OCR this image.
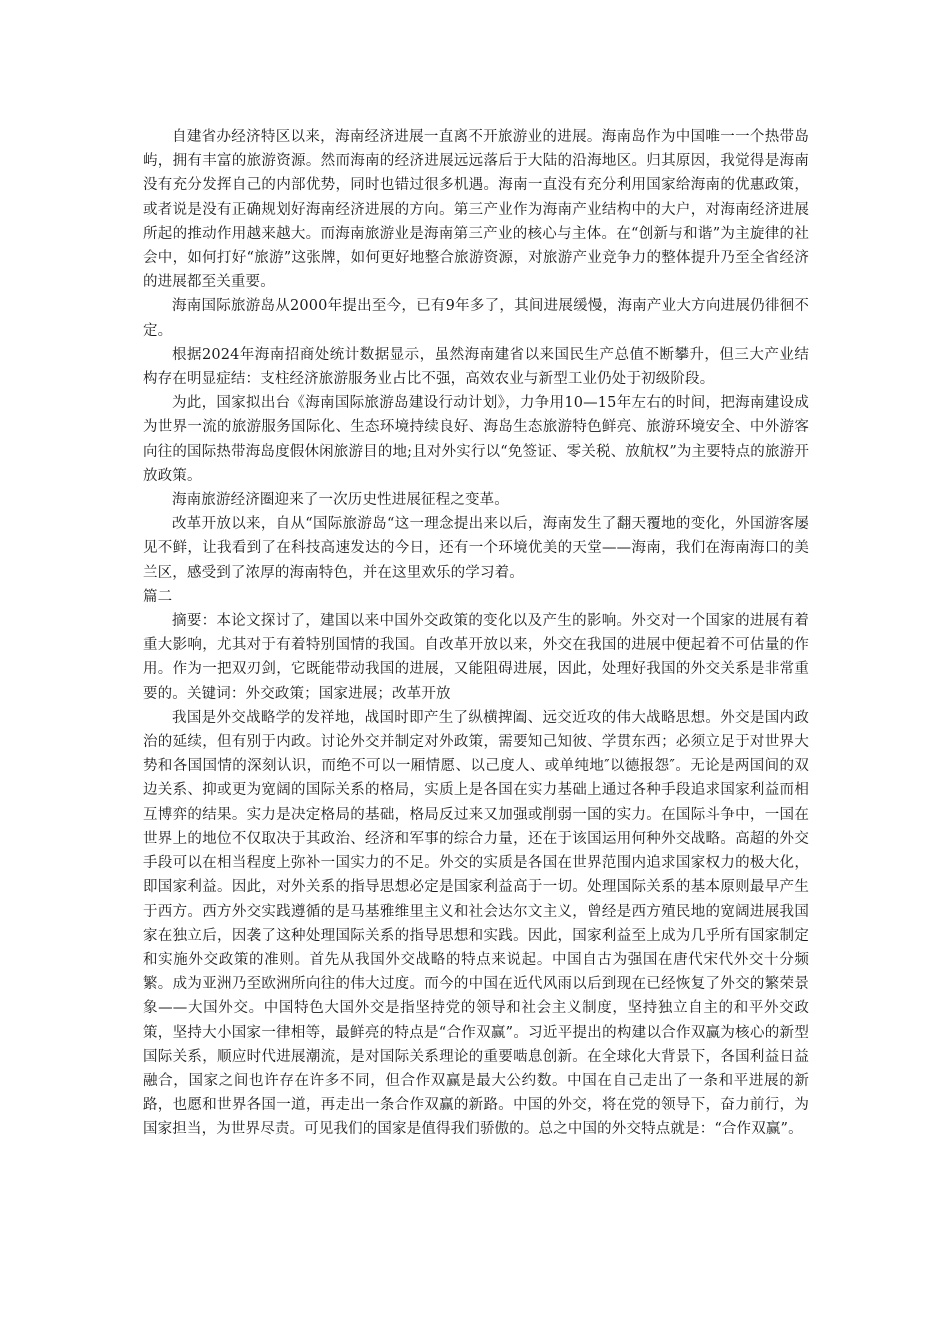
自建省办经济特区以来，海南经济进展一直离不开旅游业的进展。海南岛作为中国唯一一个热带岛屿，拥有丰富的旅游资源。然而海南的经济进展远远落后于大陆的沿海地区。归其原因，我觉得是海南没有充分发挥自己的内部优势，同时也错过很多机遇。海南一直没有充分利用国家给海南的优惠政策，或者说是没有正确规划好海南经济进展的方向。第三产业作为海南产业结构中的大户，对海南经济进展所起的推动作用越来越大。而海南旅游业是海南第三产业的核心与主体。在“创新与和谐”为主旋律的社会中，如何打好“旅游”这张牌，如何更好地整合旅游资源，对旅游产业竞争力的整体提升乃至全省经济的进展都至关重要。

海南国际旅游岛从2000年提出至今，已有9年多了，其间进展缓慢，海南产业大方向进展仍徘徊不定。

根据2024年海南招商处统计数据显示，虽然海南建省以来国民生产总值不断攀升，但三大产业结构存在明显症结：支柱经济旅游服务业占比不强，高效农业与新型工业仍处于初级阶段。

为此，国家拟出台《海南国际旅游岛建设行动计划》，力争用10—15年左右的时间，把海南建设成为世界一流的旅游服务国际化、生态环境持续良好、海岛生态旅游特色鲜亮、旅游环境安全、中外游客向往的国际热带海岛度假休闲旅游目的地;且对外实行以“免签证、零关税、放航权”为主要特点的旅游开放政策。

海南旅游经济圈迎来了一次历史性进展征程之变革。

改革开放以来，自从“国际旅游岛“这一理念提出来以后，海南发生了翻天覆地的变化，外国游客屡见不鲜，让我看到了在科技高速发达的今日，还有一个环境优美的天堂——海南，我们在海南海口的美兰区，感受到了浓厚的海南特色，并在这里欢乐的学习着。

篇二

摘要：本论文探讨了，建国以来中国外交政策的变化以及产生的影响。外交对一个国家的进展有着重大影响，尤其对于有着特别国情的我国。自改革开放以来，外交在我国的进展中便起着不可估量的作用。作为一把双刃剑，它既能带动我国的进展，又能阻碍进展，因此，处理好我国的外交关系是非常重要的。关键词：外交政策；国家进展；改革开放

我国是外交战略学的发祥地，战国时即产生了纵横捭阖、远交近攻的伟大战略思想。外交是国内政治的延续，但有别于内政。讨论外交并制定对外政策，需要知己知彼、学贯东西；必须立足于对世界大势和各国国情的深刻认识，而绝不可以一厢情愿、以己度人、或单纯地″以德报怨″。无论是两国间的双边关系、抑或更为宽阔的国际关系的格局，实质上是各国在实力基础上通过各种手段追求国家利益而相互博弈的结果。实力是决定格局的基础，格局反过来又加强或削弱一国的实力。在国际斗争中，一国在世界上的地位不仅取决于其政治、经济和军事的综合力量，还在于该国运用何种外交战略。高超的外交手段可以在相当程度上弥补一国实力的不足。外交的实质是各国在世界范围内追求国家权力的极大化，即国家利益。因此，对外关系的指导思想必定是国家利益高于一切。处理国际关系的基本原则最早产生于西方。西方外交实践遵循的是马基雅维里主义和社会达尔文主义，曾经是西方殖民地的宽阔进展我国家在独立后，因袭了这种处理国际关系的指导思想和实践。因此，国家利益至上成为几乎所有国家制定和实施外交政策的准则。首先从我国外交战略的特点来说起。中国自古为强国在唐代宋代外交十分频繁。成为亚洲乃至欧洲所向往的伟大过度。而今的中国在近代风雨以后到现在已经恢复了外交的繁荣景象——大国外交。中国特色大国外交是指坚持党的领导和社会主义制度，坚持独立自主的和平外交政策，坚持大小国家一律相等，最鲜亮的特点是“合作双赢”。习近平提出的构建以合作双赢为核心的新型国际关系，顺应时代进展潮流，是对国际关系理论的重要啮息创新。在全球化大背景下，各国利益日益融合，国家之间也许存在许多不同，但合作双赢是最大公约数。中国在自己走出了一条和平进展的新路，也愿和世界各国一道，再走出一条合作双赢的新路。中国的外交，将在党的领导下，奋力前行，为国家担当，为世界尽责。可见我们的国家是值得我们骄傲的。总之中国的外交特点就是：“合作双赢”。
